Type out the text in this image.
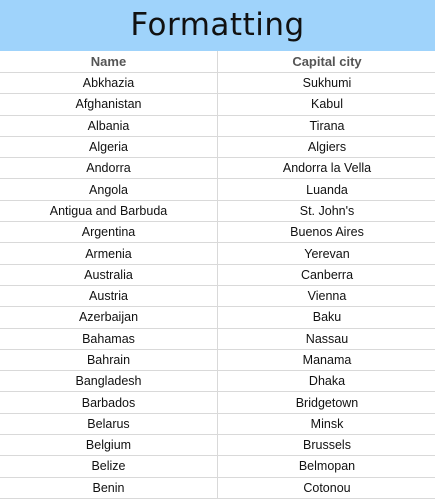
Formatting
Name	Capital city
Abkhazia	Sukhumi
Afghanistan	Kabul
Albania	Tirana
Algeria	Algiers
Andorra	Andorra la Vella
Angola	Luanda
Antigua and Barbuda	St. John's
Argentina	Buenos Aires
Armenia	Yerevan
Australia	Canberra
Austria	Vienna
Azerbaijan	Baku
Bahamas	Nassau
Bahrain	Manama
Bangladesh	Dhaka
Barbados	Bridgetown
Belarus	Minsk
Belgium	Brussels
Belize	Belmopan
Benin	Cotonou
